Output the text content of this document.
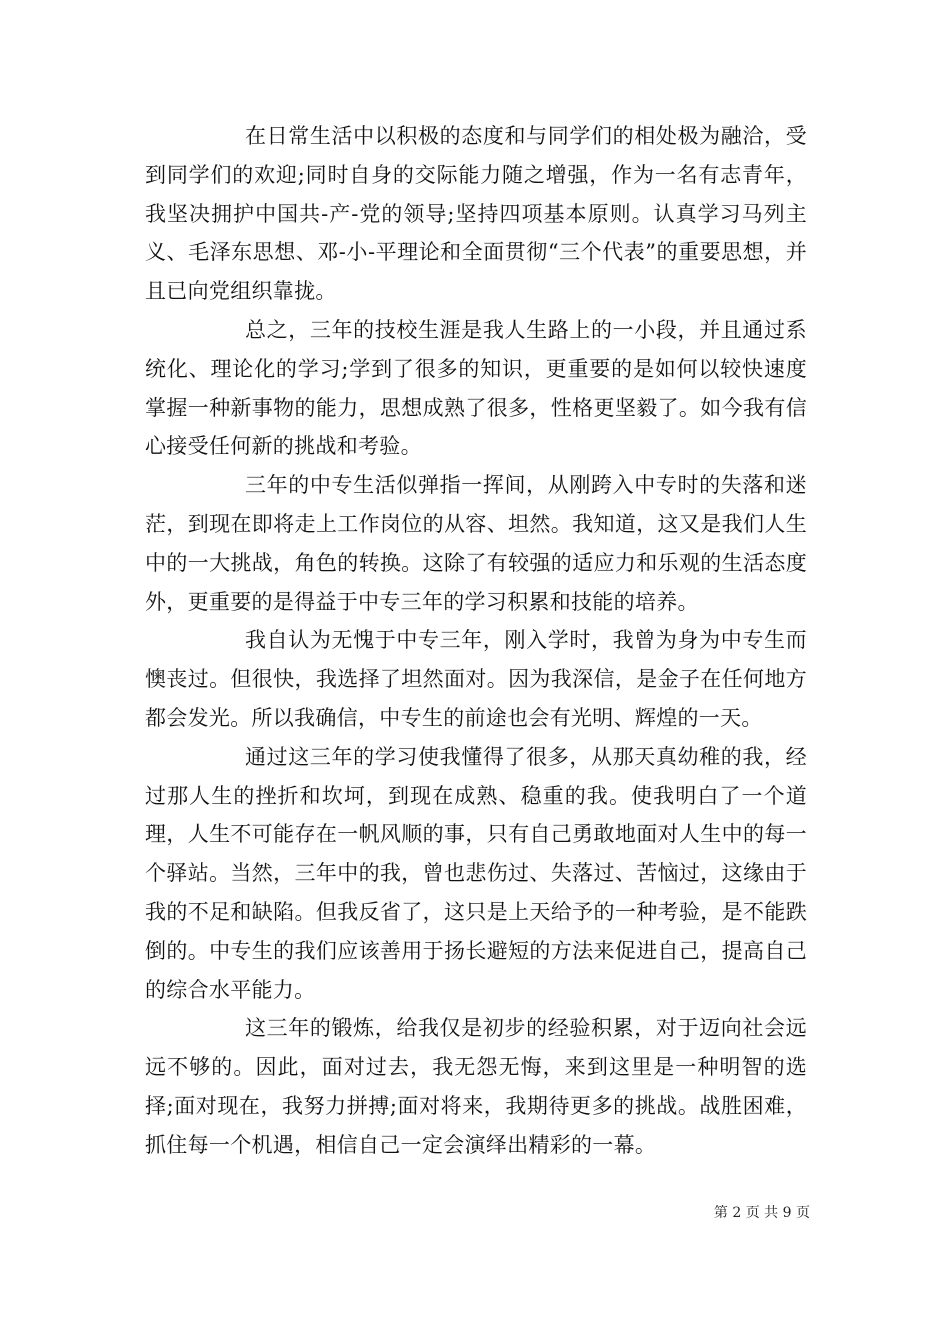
在日常生活中以积极的态度和与同学们的相处极为融洽，受到同学们的欢迎;同时自身的交际能力随之增强，作为一名有志青年，我坚决拥护中国共-产-党的领导;坚持四项基本原则。认真学习马列主义、毛泽东思想、邓-小-平理论和全面贯彻“三个代表”的重要思想，并且已向党组织靠拢。

总之，三年的技校生涯是我人生路上的一小段，并且通过系统化、理论化的学习;学到了很多的知识，更重要的是如何以较快速度掌握一种新事物的能力，思想成熟了很多，性格更坚毅了。如今我有信心接受任何新的挑战和考验。

三年的中专生活似弹指一挥间，从刚跨入中专时的失落和迷茫，到现在即将走上工作岗位的从容、坦然。我知道，这又是我们人生中的一大挑战，角色的转换。这除了有较强的适应力和乐观的生活态度外，更重要的是得益于中专三年的学习积累和技能的培养。

我自认为无愧于中专三年，刚入学时，我曾为身为中专生而懊丧过。但很快，我选择了坦然面对。因为我深信，是金子在任何地方都会发光。所以我确信，中专生的前途也会有光明、辉煌的一天。

通过这三年的学习使我懂得了很多，从那天真幼稚的我，经过那人生的挫折和坎坷，到现在成熟、稳重的我。使我明白了一个道理，人生不可能存在一帆风顺的事，只有自己勇敢地面对人生中的每一个驿站。当然，三年中的我，曾也悲伤过、失落过、苦恼过，这缘由于我的不足和缺陷。但我反省了，这只是上天给予的一种考验，是不能跌倒的。中专生的我们应该善用于扬长避短的方法来促进自己，提高自己的综合水平能力。

这三年的锻炼，给我仅是初步的经验积累，对于迈向社会远远不够的。因此，面对过去，我无怨无悔，来到这里是一种明智的选择;面对现在，我努力拼搏;面对将来，我期待更多的挑战。战胜困难，抓住每一个机遇，相信自己一定会演绎出精彩的一幕。

第 2 页 共 9 页
